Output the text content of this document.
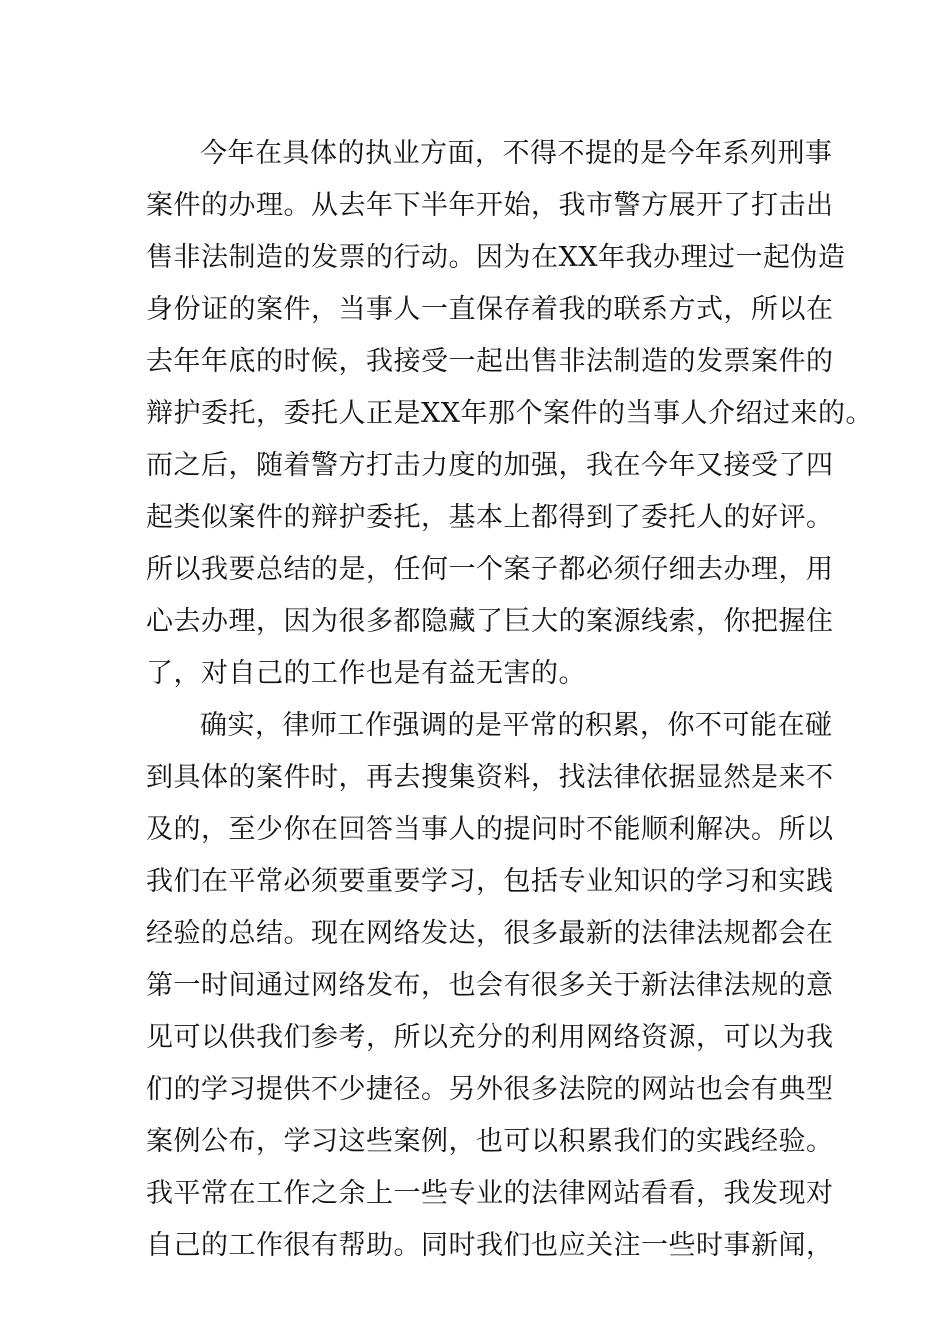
今年在具体的执业方面，不得不提的是今年系列刑事
案件的办理。从去年下半年开始，我市警方展开了打击出
售非法制造的发票的行动。因为在XX年我办理过一起伪造
身份证的案件，当事人一直保存着我的联系方式，所以在
去年年底的时候，我接受一起出售非法制造的发票案件的
辩护委托，委托人正是XX年那个案件的当事人介绍过来的。
而之后，随着警方打击力度的加强，我在今年又接受了四
起类似案件的辩护委托，基本上都得到了委托人的好评。
所以我要总结的是，任何一个案子都必须仔细去办理，用
心去办理，因为很多都隐藏了巨大的案源线索，你把握住
了，对自己的工作也是有益无害的。
确实，律师工作强调的是平常的积累，你不可能在碰
到具体的案件时，再去搜集资料，找法律依据显然是来不
及的，至少你在回答当事人的提问时不能顺利解决。所以
我们在平常必须要重要学习，包括专业知识的学习和实践
经验的总结。现在网络发达，很多最新的法律法规都会在
第一时间通过网络发布，也会有很多关于新法律法规的意
见可以供我们参考，所以充分的利用网络资源，可以为我
们的学习提供不少捷径。另外很多法院的网站也会有典型
案例公布，学习这些案例，也可以积累我们的实践经验。
我平常在工作之余上一些专业的法律网站看看，我发现对
自己的工作很有帮助。同时我们也应关注一些时事新闻，
